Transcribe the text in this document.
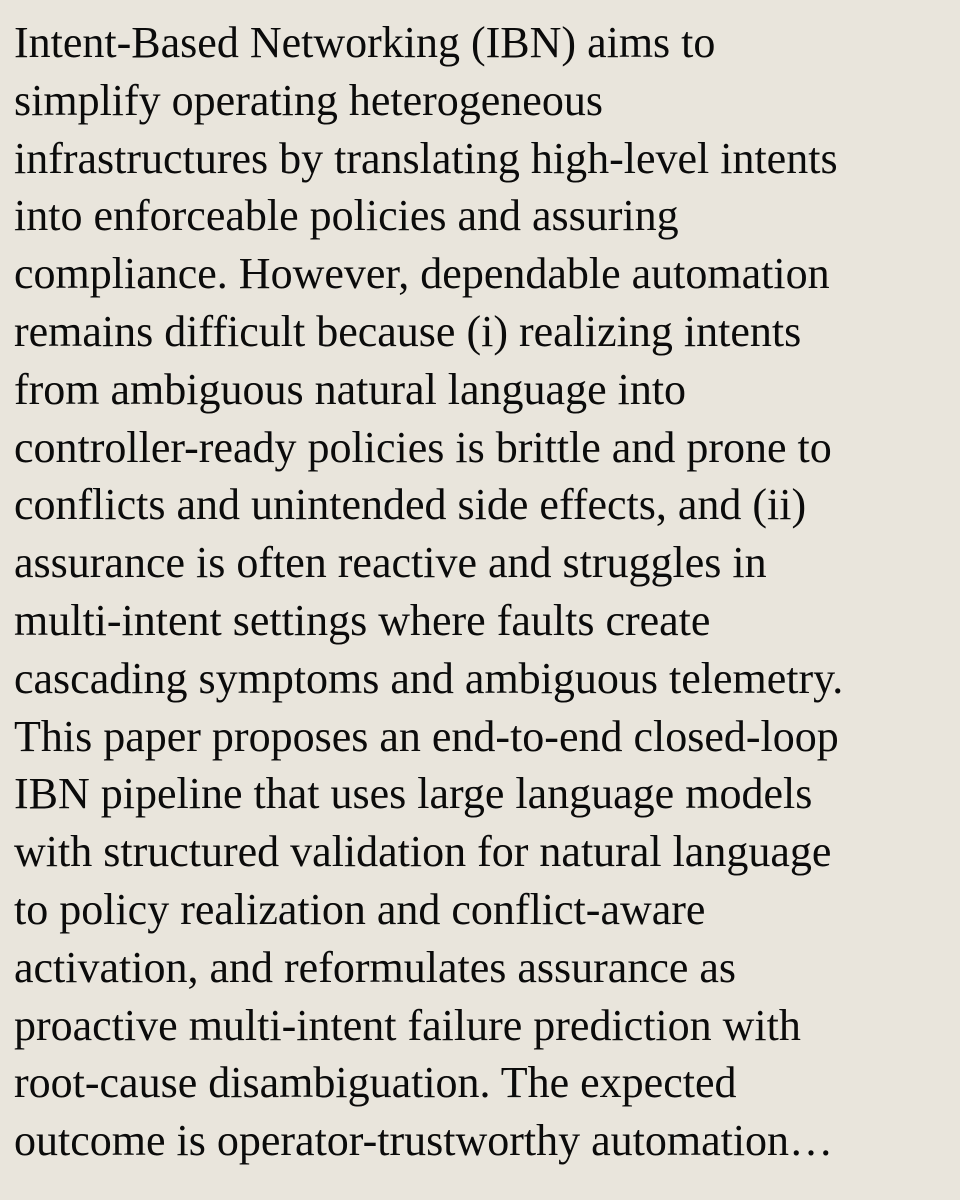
Intent-Based Networking (IBN) aims to
simplify operating heterogeneous
infrastructures by translating high-level intents
into enforceable policies and assuring
compliance. However, dependable automation
remains difficult because (i) realizing intents
from ambiguous natural language into
controller-ready policies is brittle and prone to
conflicts and unintended side effects, and (ii)
assurance is often reactive and struggles in
multi-intent settings where faults create
cascading symptoms and ambiguous telemetry.
This paper proposes an end-to-end closed-loop
IBN pipeline that uses large language models
with structured validation for natural language
to policy realization and conflict-aware
activation, and reformulates assurance as
proactive multi-intent failure prediction with
root-cause disambiguation. The expected
outcome is operator-trustworthy automation…
